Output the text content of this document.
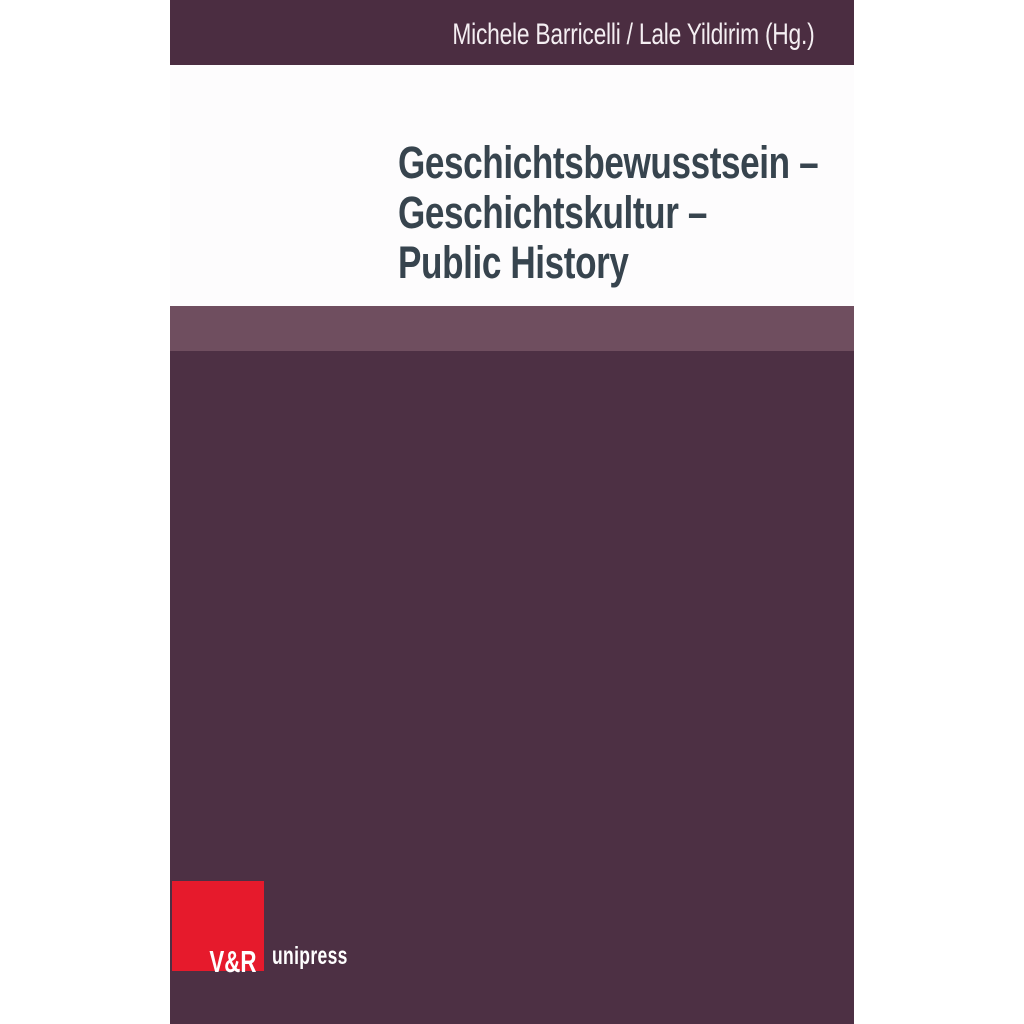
Michele Barricelli / Lale Yildirim (Hg.)
Geschichtsbewusstsein –
Geschichtskultur –
Public History
V&R unipress
